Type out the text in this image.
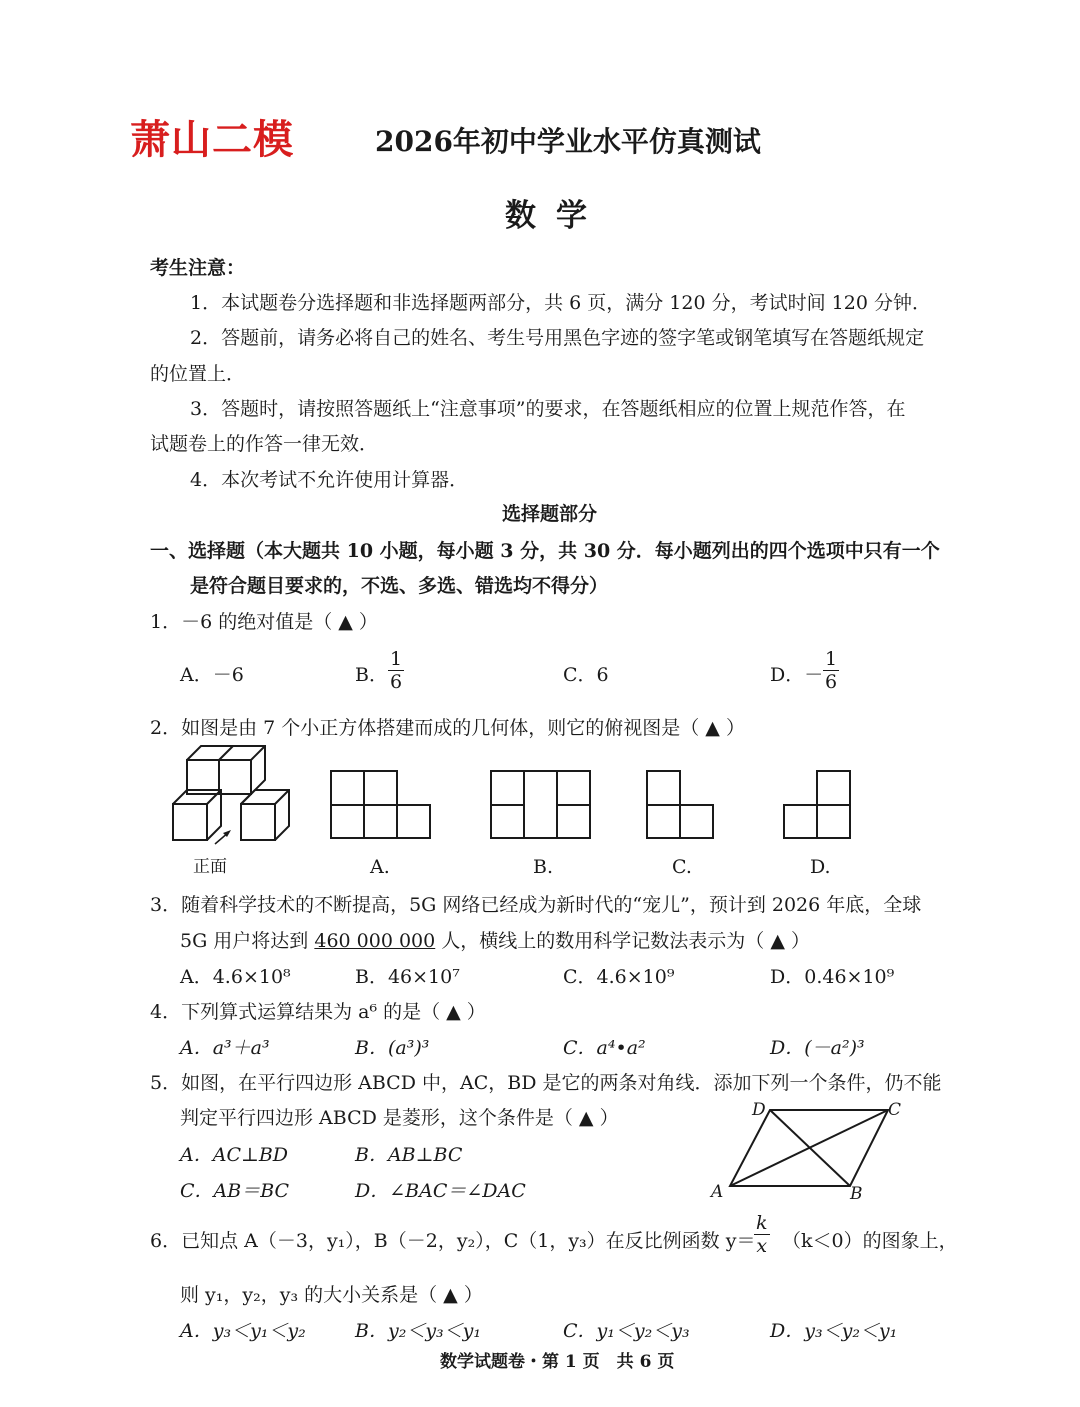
萧山二模	2026年初中学业水平仿真测试
数学
考生注意：
1．本试题卷分选择题和非选择题两部分，共 6 页，满分 120 分，考试时间 120 分钟．
2．答题前，请务必将自己的姓名、考生号用黑色字迹的签字笔或钢笔填写在答题纸规定
的位置上．
3．答题时，请按照答题纸上“注意事项”的要求，在答题纸相应的位置上规范作答，在
试题卷上的作答一律无效．
4．本次考试不允许使用计算器．
选择题部分
一、选择题（本大题共 10 小题，每小题 3 分，共 30 分．每小题列出的四个选项中只有一个
是符合题目要求的，不选、多选、错选均不得分）
1．－6 的绝对值是（ ▲ ）
A．－6	B． $\frac{1}{6}$	C．6	D．－ $\frac{1}{6}$
2．如图是由 7 个小正方体搭建而成的几何体，则它的俯视图是（ ▲ ）
正面	A.	B.	C.	D.
3．随着科学技术的不断提高，5G 网络已经成为新时代的“宠儿”，预计到 2026 年底，全球
5G 用户将达到 460 000 000 人，横线上的数用科学记数法表示为（ ▲ ）
A．4.6×10⁸	B．46×10⁷	C．4.6×10⁹	D．0.46×10⁹
4．下列算式运算结果为 a⁶ 的是（ ▲ ）
A．a³＋a³	B．(a³)³	C．a⁴•a²	D．(－a²)³
5．如图，在平行四边形 ABCD 中，AC，BD 是它的两条对角线．添加下列一个条件，仍不能
判定平行四边形 ABCD 是菱形，这个条件是（ ▲ ）
A．AC⊥BD	B．AB⊥BC
C．AB＝BC	D．∠BAC＝∠DAC	A	B
C
D
6．已知点 A（－3，y₁），B（－2，y₂），C（1，y₃）在反比例函数 y＝
$\frac{k}{x} (k<0)$的图象上，
则 y₁，y₂，y₃ 的大小关系是（ ▲ ）
A．y₃＜y₁＜y₂	B．y₂＜y₃＜y₁	C．y₁＜y₂＜y₃	D．y₃＜y₂＜y₁
数学试题卷・第 1 页　共 6 页
